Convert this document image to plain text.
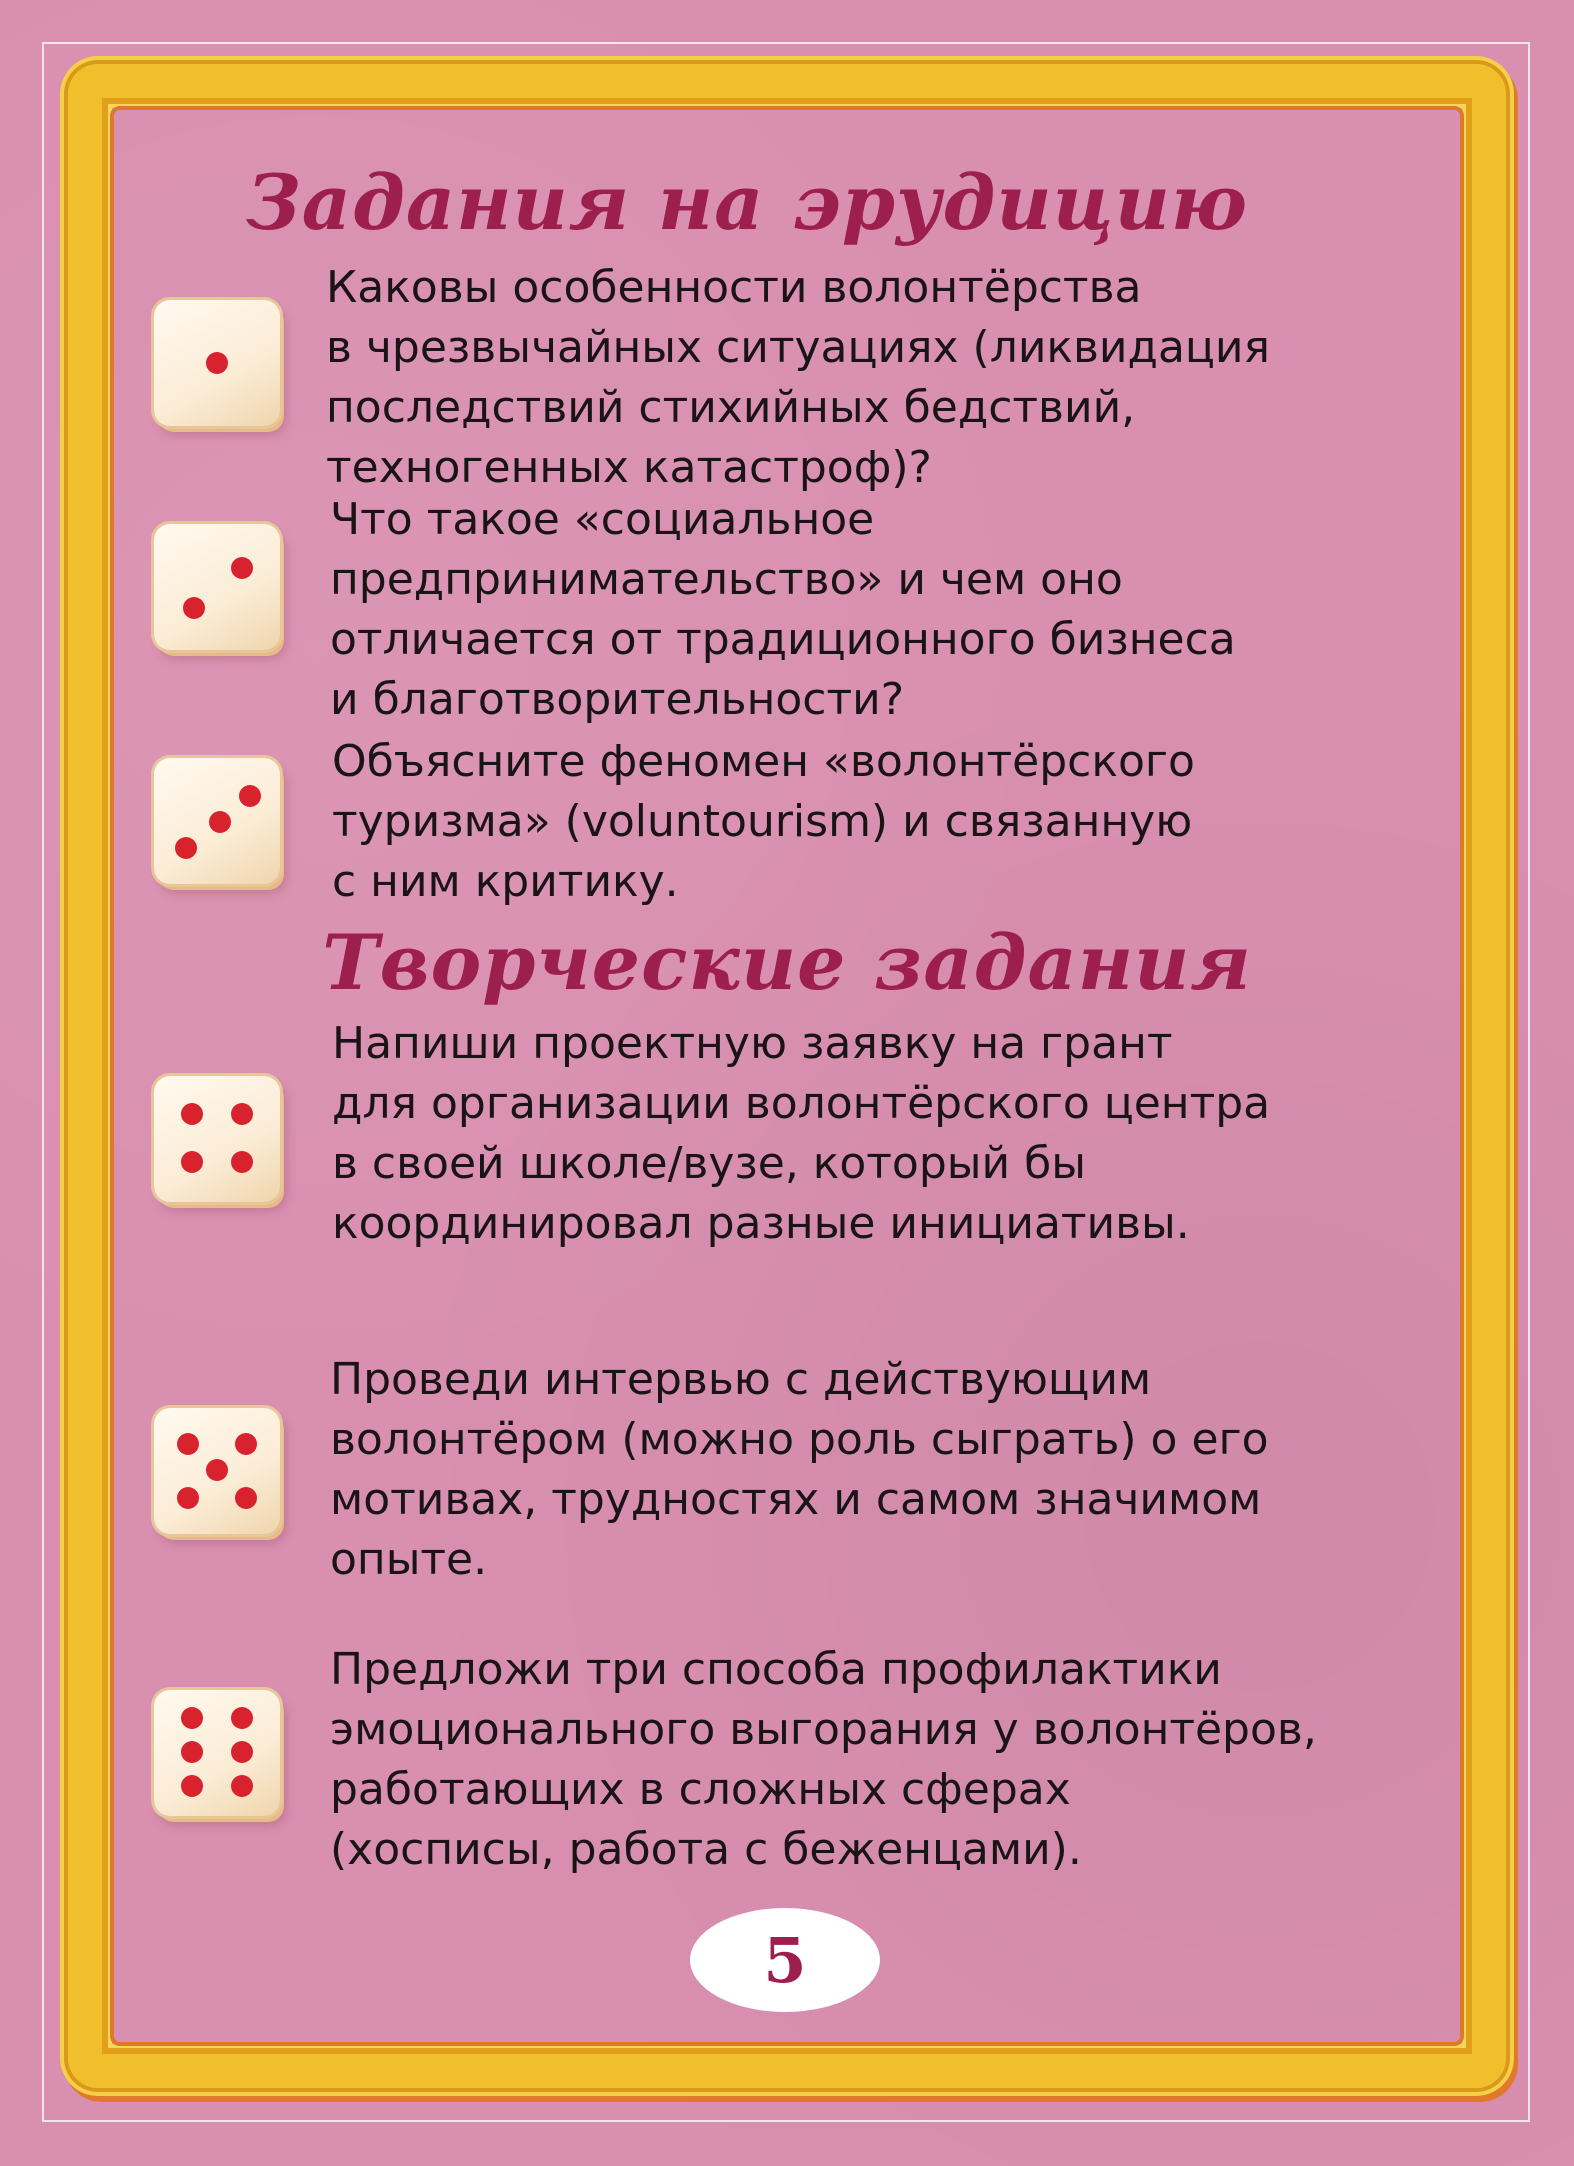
Задания на эрудицию

Каковы особенности волонтёрства
в чрезвычайных ситуациях (ликвидация
последствий стихийных бедствий,
техногенных катастроф)?

Что такое «социальное
предпринимательство» и чем оно
отличается от традиционного бизнеса
и благотворительности?

Объясните феномен «волонтёрского
туризма» (voluntourism) и связанную
с ним критику.

Творческие задания

Напиши проектную заявку на грант
для организации волонтёрского центра
в своей школе/вузе, который бы
координировал разные инициативы.

Проведи интервью с действующим
волонтёром (можно роль сыграть) о его
мотивах, трудностях и самом значимом
опыте.

Предложи три способа профилактики
эмоционального выгорания у волонтёров,
работающих в сложных сферах
(хосписы, работа с беженцами).

5
